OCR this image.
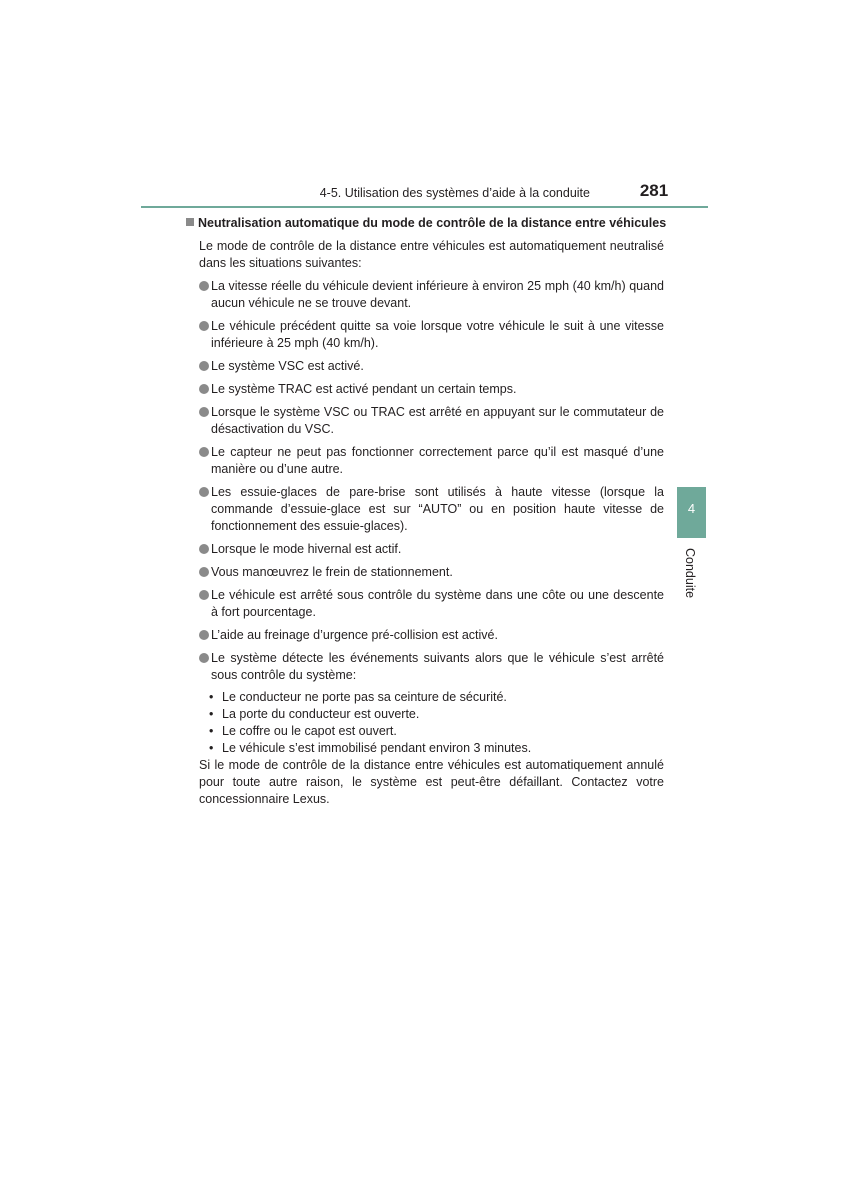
4-5. Utilisation des systèmes d’aide à la conduite	281
Neutralisation automatique du mode de contrôle de la distance entre véhicules
Le mode de contrôle de la distance entre véhicules est automatiquement neutralisé dans les situations suivantes:
La vitesse réelle du véhicule devient inférieure à environ 25 mph (40 km/h) quand aucun véhicule ne se trouve devant.
Le véhicule précédent quitte sa voie lorsque votre véhicule le suit à une vitesse inférieure à 25 mph (40 km/h).
Le système VSC est activé.
Le système TRAC est activé pendant un certain temps.
Lorsque le système VSC ou TRAC est arrêté en appuyant sur le commutateur de désactivation du VSC.
Le capteur ne peut pas fonctionner correctement parce qu’il est masqué d’une manière ou d’une autre.
Les essuie-glaces de pare-brise sont utilisés à haute vitesse (lorsque la commande d’essuie-glace est sur “AUTO” ou en position haute vitesse de fonctionnement des essuie-glaces).
Lorsque le mode hivernal est actif.
Vous manœuvrez le frein de stationnement.
Le véhicule est arrêté sous contrôle du système dans une côte ou une descente à fort pourcentage.
L’aide au freinage d’urgence pré-collision est activé.
Le système détecte les événements suivants alors que le véhicule s’est arrêté sous contrôle du système:
• Le conducteur ne porte pas sa ceinture de sécurité.
• La porte du conducteur est ouverte.
• Le coffre ou le capot est ouvert.
• Le véhicule s’est immobilisé pendant environ 3 minutes.
Si le mode de contrôle de la distance entre véhicules est automatiquement annulé pour toute autre raison, le système est peut-être défaillant. Contactez votre concessionnaire Lexus.
4
Conduite
